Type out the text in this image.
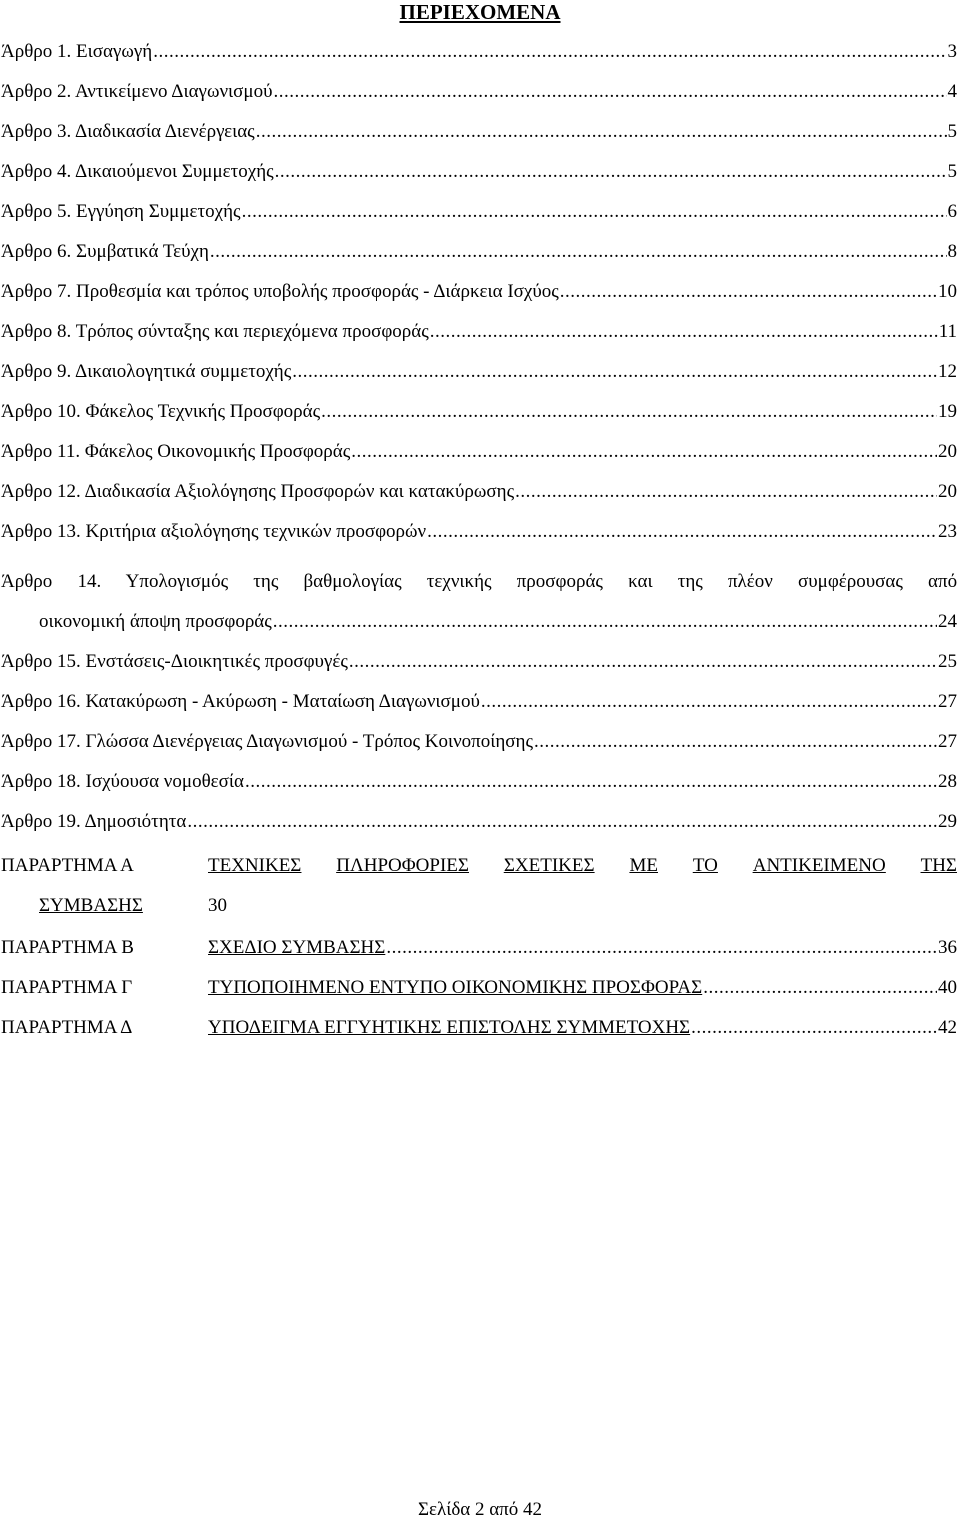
ΠΕΡΙΕΧΟΜΕΝΑ
Άρθρο 1. Εισαγωγή .....	3
Άρθρο 2. Αντικείμενο Διαγωνισμού .....	4
Άρθρο 3. Διαδικασία Διενέργειας .....	5
Άρθρο 4. Δικαιούμενοι Συμμετοχής .....	5
Άρθρο 5. Εγγύηση Συμμετοχής .....	6
Άρθρο 6. Συμβατικά Τεύχη .....	8
Άρθρο 7. Προθεσμία και τρόπος υποβολής προσφοράς - Διάρκεια Ισχύος .....	10
Άρθρο 8. Τρόπος σύνταξης και περιεχόμενα προσφοράς .....	11
Άρθρο 9. Δικαιολογητικά συμμετοχής .....	12
Άρθρο 10. Φάκελος Τεχνικής Προσφοράς .....	19
Άρθρο 11. Φάκελος Οικονομικής Προσφοράς .....	20
Άρθρο 12. Διαδικασία Αξιολόγησης Προσφορών και κατακύρωσης .....	20
Άρθρο 13. Κριτήρια αξιολόγησης τεχνικών προσφορών .....	23
Άρθρο 14. Υπολογισμός της βαθμολογίας τεχνικής προσφοράς και της πλέον συμφέρουσας από
οικονομική άποψη προσφοράς .....	24
Άρθρο 15. Ενστάσεις-Διοικητικές προσφυγές .....	25
Άρθρο 16. Κατακύρωση - Ακύρωση - Ματαίωση Διαγωνισμού .....	27
Άρθρο 17. Γλώσσα Διενέργειας Διαγωνισμού - Τρόπος Κοινοποίησης .....	27
Άρθρο 18. Ισχύουσα νομοθεσία .....	28
Άρθρο 19. Δημοσιότητα .....	29
ΠΑΡΑΡΤΗΜΑ Α	ΤΕΧΝΙΚΕΣ ΠΛΗΡΟΦΟΡΙΕΣ ΣΧΕΤΙΚΕΣ ΜΕ ΤΟ ΑΝΤΙΚΕΙΜΕΝΟ ΤΗΣ
ΣΥΜΒΑΣΗΣ	30
ΠΑΡΑΡΤΗΜΑ Β	ΣΧΕΔΙΟ ΣΥΜΒΑΣΗΣ .....	36
ΠΑΡΑΡΤΗΜΑ Γ	ΤΥΠΟΠΟΙΗΜΕΝΟ ΕΝΤΥΠΟ ΟΙΚΟΝΟΜΙΚΗΣ ΠΡΟΣΦΟΡΑΣ .....	40
ΠΑΡΑΡΤΗΜΑ Δ	ΥΠΟΔΕΙΓΜΑ ΕΓΓΥΗΤΙΚΗΣ ΕΠΙΣΤΟΛΗΣ ΣΥΜΜΕΤΟΧΗΣ .....	42
Σελίδα 2 από 42
